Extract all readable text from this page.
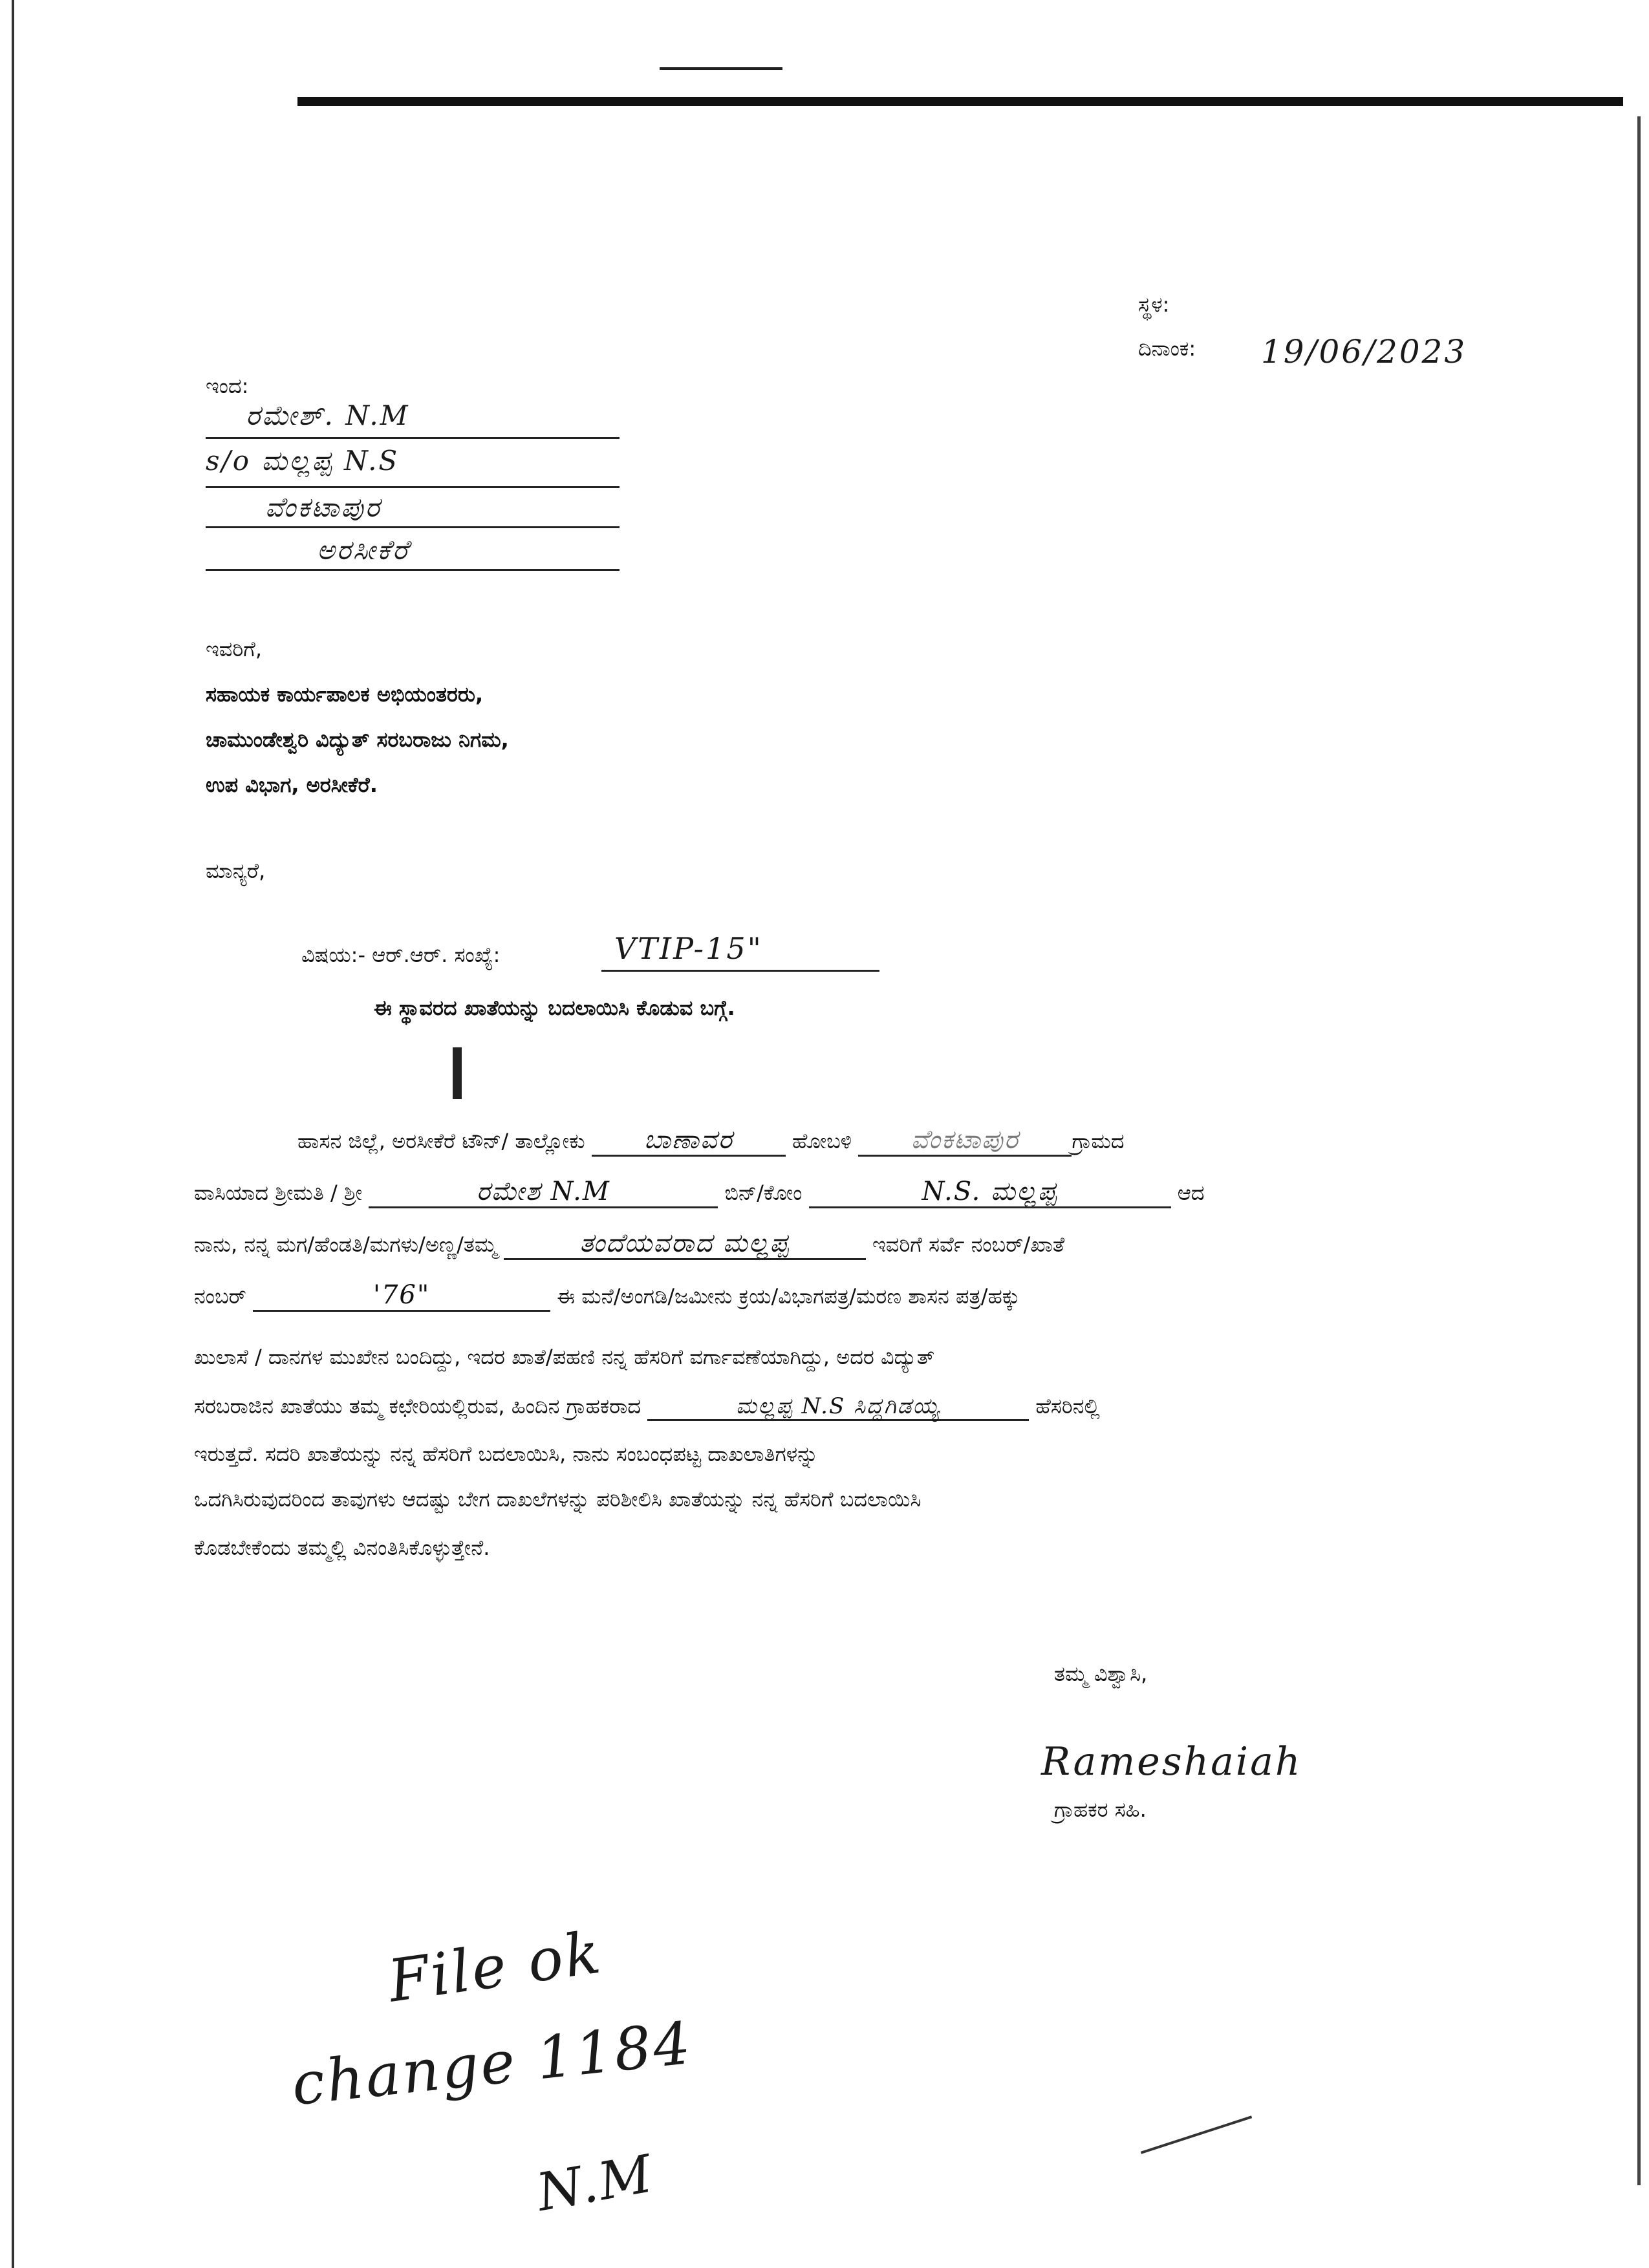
ಸ್ಥಳ:
ದಿನಾಂಕ: 19/06/2023
ಇಂದ:
ರಮೇಶ್. N.M
s/o ಮಲ್ಲಪ್ಪ N.S
ವೆಂಕಟಾಪುರ
ಅರಸೀಕೆರೆ
ಇವರಿಗೆ,
ಸಹಾಯಕ ಕಾರ್ಯಪಾಲಕ ಅಭಿಯಂತರರು,
ಚಾಮುಂಡೇಶ್ವರಿ ವಿದ್ಯುತ್ ಸರಬರಾಜು ನಿಗಮ,
ಉಪ ವಿಭಾಗ, ಅರಸೀಕೆರೆ.
ಮಾನ್ಯರೆ,
ವಿಷಯ:- ಆರ್.ಆರ್. ಸಂಖ್ಯೆ:	VTIP-15"
ಈ ಸ್ಥಾವರದ ಖಾತೆಯನ್ನು ಬದಲಾಯಿಸಿ ಕೊಡುವ ಬಗ್ಗೆ.
ಹಾಸನ ಜಿಲ್ಲೆ, ಅರಸೀಕೆರೆ ಟೌನ್/ ತಾಲ್ಲೋಕು ಬಾಣಾವರ	ಹೋಬಳಿ ವೆಂಕಟಾಪುರ	ಗ್ರಾಮದ
ವಾಸಿಯಾದ ಶ್ರೀಮತಿ / ಶ್ರೀ	ರಮೇಶ N.M	ಬಿನ್/ಕೋಂ	N.S. ಮಲ್ಲಪ್ಪ	ಆದ
ನಾನು, ನನ್ನ ಮಗ/ಹೆಂಡತಿ/ಮಗಳು/ಅಣ್ಣ/ತಮ್ಮ	ತಂದೆಯವರಾದ ಮಲ್ಲಪ್ಪ	ಇವರಿಗೆ ಸರ್ವೆ ನಂಬರ್/ಖಾತೆ
ನಂಬರ್	'76"	ಈ ಮನೆ/ಅಂಗಡಿ/ಜಮೀನು ಕ್ರಯ/ವಿಭಾಗಪತ್ರ/ಮರಣ ಶಾಸನ ಪತ್ರ/ಹಕ್ಕು
ಖುಲಾಸೆ / ದಾನಗಳ ಮುಖೇನ ಬಂದಿದ್ದು, ಇದರ ಖಾತೆ/ಪಹಣಿ ನನ್ನ ಹೆಸರಿಗೆ ವರ್ಗಾವಣೆಯಾಗಿದ್ದು, ಅದರ ವಿದ್ಯುತ್
ಸರಬರಾಜಿನ ಖಾತೆಯು ತಮ್ಮ ಕಛೇರಿಯಲ್ಲಿರುವ, ಹಿಂದಿನ ಗ್ರಾಹಕರಾದ	ಮಲ್ಲಪ್ಪ N.S ಸಿದ್ದಗಿಡಯ್ಯ	ಹೆಸರಿನಲ್ಲಿ
ಇರುತ್ತದೆ. ಸದರಿ ಖಾತೆಯನ್ನು ನನ್ನ ಹೆಸರಿಗೆ ಬದಲಾಯಿಸಿ, ನಾನು ಸಂಬಂಧಪಟ್ಟ ದಾಖಲಾತಿಗಳನ್ನು
ಒದಗಿಸಿರುವುದರಿಂದ ತಾವುಗಳು ಆದಷ್ಟು ಬೇಗ ದಾಖಲೆಗಳನ್ನು ಪರಿಶೀಲಿಸಿ ಖಾತೆಯನ್ನು ನನ್ನ ಹೆಸರಿಗೆ ಬದಲಾಯಿಸಿ
ಕೊಡಬೇಕೆಂದು ತಮ್ಮಲ್ಲಿ ವಿನಂತಿಸಿಕೊಳ್ಳುತ್ತೇನೆ.
ತಮ್ಮ ವಿಶ್ವಾಸಿ,
Rameshaiah
ಗ್ರಾಹಕರ ಸಹಿ.
File ok
change 1184
N.M
